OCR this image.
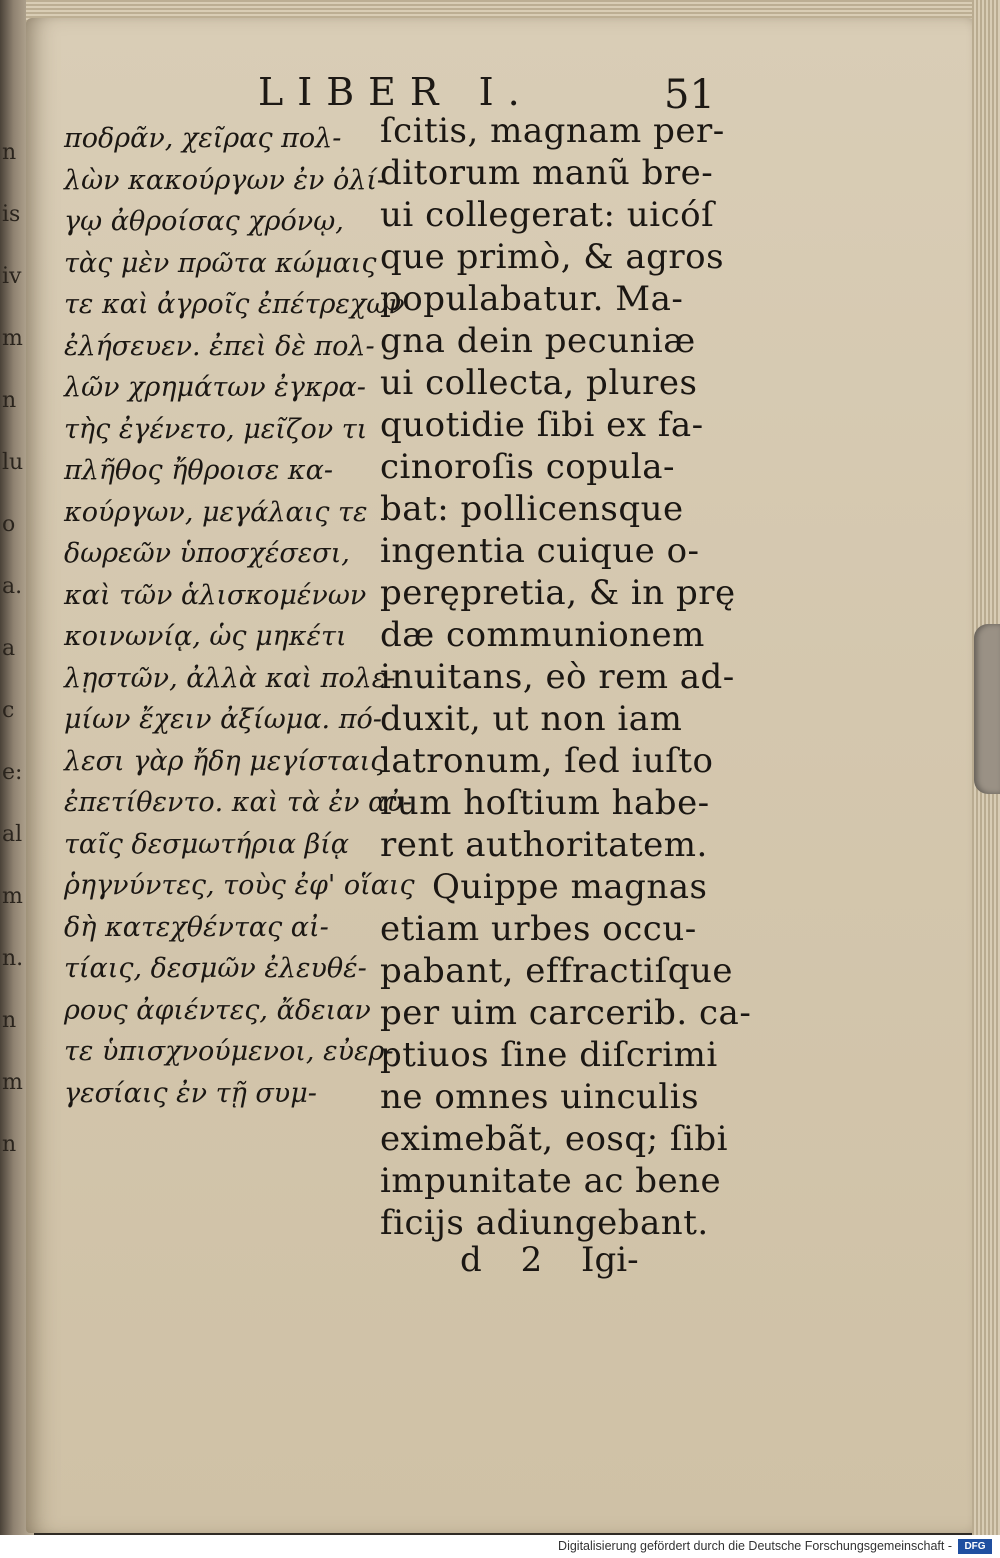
n
is
iv
m
n
lu
o
a.
a
c
e:
al
m
n.
n
m
n
LIBER I.	51
ποδρᾶν, χεῖρας πολ-
λὼν κακούργων ἐν ὀλί-
γῳ ἀθροίσας χρόνῳ,
τὰς μὲν πρῶτα κώμαις
τε καὶ ἀγροῖς ἐπέτρεχων
ἐλήσευεν. ἐπεὶ δὲ πολ-
λῶν χρημάτων ἐγκρα-
τὴς ἐγένετο, μεῖζον τι
πλῆθος ἤθροισε κα-
κούργων, μεγάλαις τε
δωρεῶν ὑποσχέσεσι,
καὶ τῶν ἁλισκομένων
κοινωνίᾳ, ὡς μηκέτι
λῃστῶν, ἀλλὰ καὶ πολε-
μίων ἔχειν ἀξίωμα. πό-
λεσι γὰρ ἤδη μεγίσταις
ἐπετίθεντο. καὶ τὰ ἐν αὐ-
ταῖς δεσμωτήρια βίᾳ
ῥηγνύντες, τοὺς ἐφ' οἵαις
δὴ κατεχθέντας αἰ-
τίαις, δεσμῶν ἐλευθέ-
ρους ἀφιέντες, ἄδειαν
τε ὑπισχνούμενοι, εὐερ-
γεσίαις ἐν τῇ συμ-
ſcitis, magnam per-
ditorum manũ bre-
ui collegerat: uicóſ
que primò, & agros
populabatur. Ma-
gna dein pecuniæ
ui collecta, plures
quotidie ſibi ex fa-
cinoroſis copula-
bat: pollicensque
ingentia cuique o-
perępretia, & in prę
dæ communionem
inuitans, eò rem ad-
duxit, ut non iam
latronum, ſed iuſto
rum hoſtium habe-
rent authoritatem.
Quippe magnas
etiam urbes occu-
pabant, effractiſque
per uim carcerib. ca-
ptiuos ſine diſcrimi
ne omnes uinculis
eximebãt, eosq; ſibi
impunitate ac bene
ficijs adiungebant.
d 2 Igi-
Digitalisierung gefördert durch die Deutsche Forschungsgemeinschaft -	DFG
